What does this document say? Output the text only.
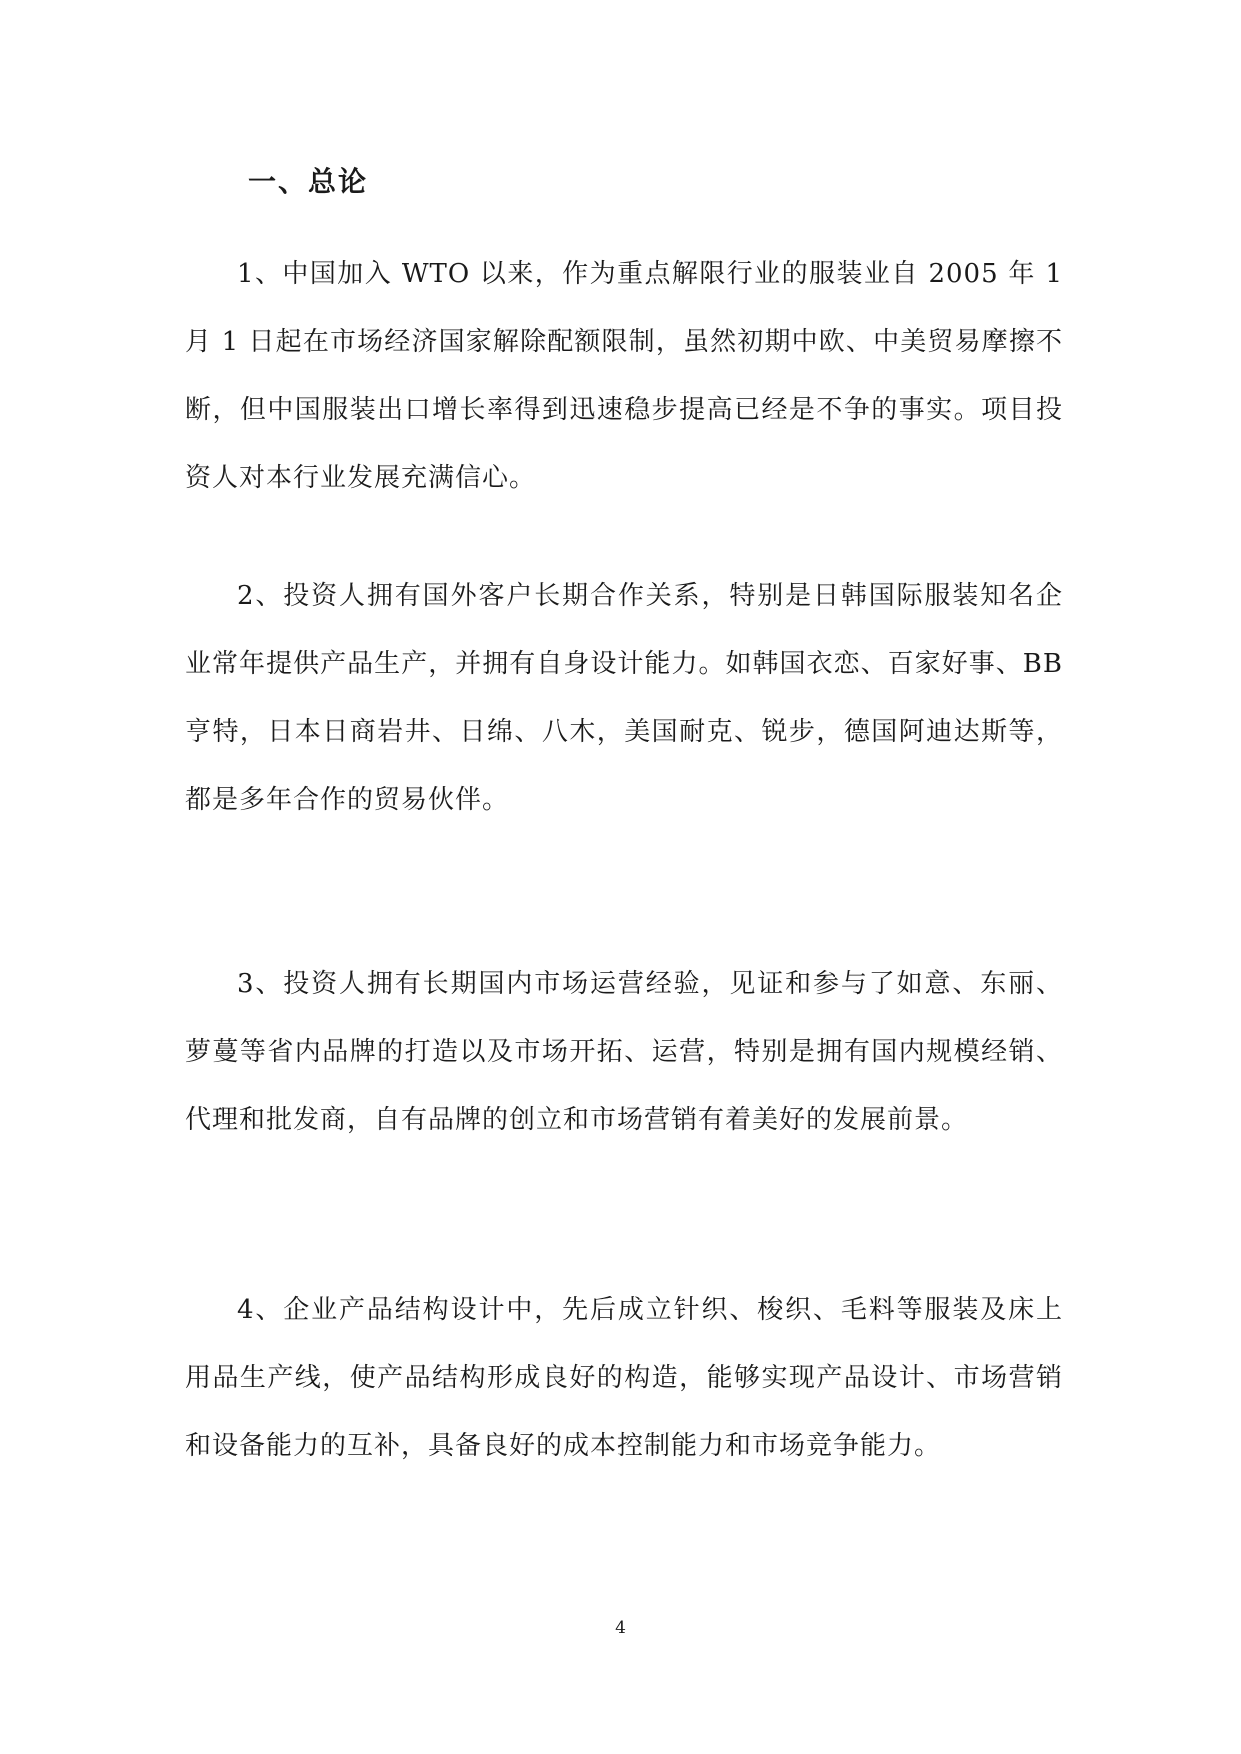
一、总论

1、中国加入 WTO 以来，作为重点解限行业的服装业自 2005 年 1 月 1 日起在市场经济国家解除配额限制，虽然初期中欧、中美贸易摩擦不断，但中国服装出口增长率得到迅速稳步提高已经是不争的事实。项目投资人对本行业发展充满信心。

2、投资人拥有国外客户长期合作关系，特别是日韩国际服装知名企业常年提供产品生产，并拥有自身设计能力。如韩国衣恋、百家好事、BB 亨特，日本日商岩井、日绵、八木，美国耐克、锐步，德国阿迪达斯等，都是多年合作的贸易伙伴。

3、投资人拥有长期国内市场运营经验，见证和参与了如意、东丽、萝蔓等省内品牌的打造以及市场开拓、运营，特别是拥有国内规模经销、代理和批发商，自有品牌的创立和市场营销有着美好的发展前景。

4、企业产品结构设计中，先后成立针织、梭织、毛料等服装及床上用品生产线，使产品结构形成良好的构造，能够实现产品设计、市场营销和设备能力的互补，具备良好的成本控制能力和市场竞争能力。

4
